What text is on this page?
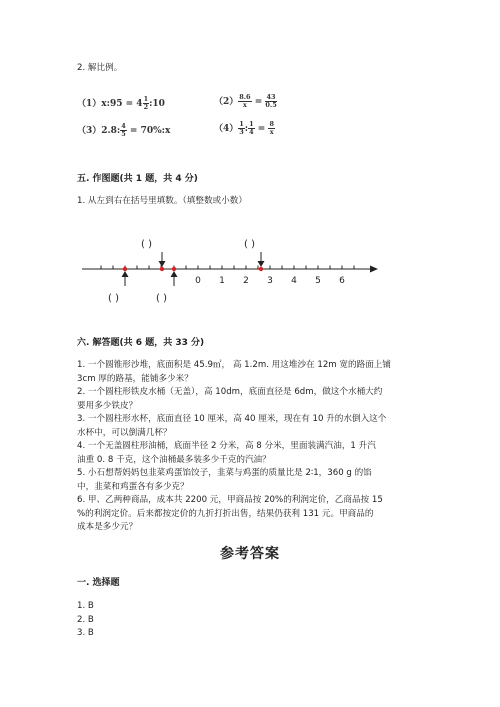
2. 解比例。
（1）x:95 = $4 \frac{1}{2}$ :10	$(2) \frac{8.6}{x} = \frac{43}{0.5}$
（3）2.8: $\frac{4}{5}$ = 70%:x	$(4) \frac{1}{3}$ : $\frac{1}{4} = \frac{8}{x}$
五. 作图题(共 1 题，共 4 分)
1. 从左到右在括号里填数。（填整数或小数）
( )	( )
0 1 2 3 4 5 6
( )	( )
六. 解答题(共 6 题，共 33 分)
1. 一个圆锥形沙堆，底面积是 45.9㎡， 高 1.2m. 用这堆沙在 12m 宽的路面上铺
3cm 厚的路基，能铺多少米？
2. 一个圆柱形铁皮水桶（无盖），高 10dm，底面直径是 6dm，做这个水桶大约
要用多少铁皮？
3. 一个圆柱形水杯，底面直径 10 厘米，高 40 厘米，现在有 10 升的水倒入这个
水杯中，可以倒满几杯？
4. 一个无盖圆柱形油桶，底面半径 2 分米，高 8 分米，里面装满汽油，1 升汽
油重 0. 8 千克，这个油桶最多装多少千克的汽油？
5. 小石想帮妈妈包韭菜鸡蛋馅饺子，韭菜与鸡蛋的质量比是 2∶1，360 g 的馅
中，韭菜和鸡蛋各有多少克？
6. 甲、乙两种商品，成本共 2200 元，甲商品按 20%的利润定价，乙商品按 15
%的利润定价。后来都按定价的九折打折出售，结果仍获利 131 元。甲商品的
成本是多少元？
参考答案
一. 选择题
1. B
2. B
3. B
